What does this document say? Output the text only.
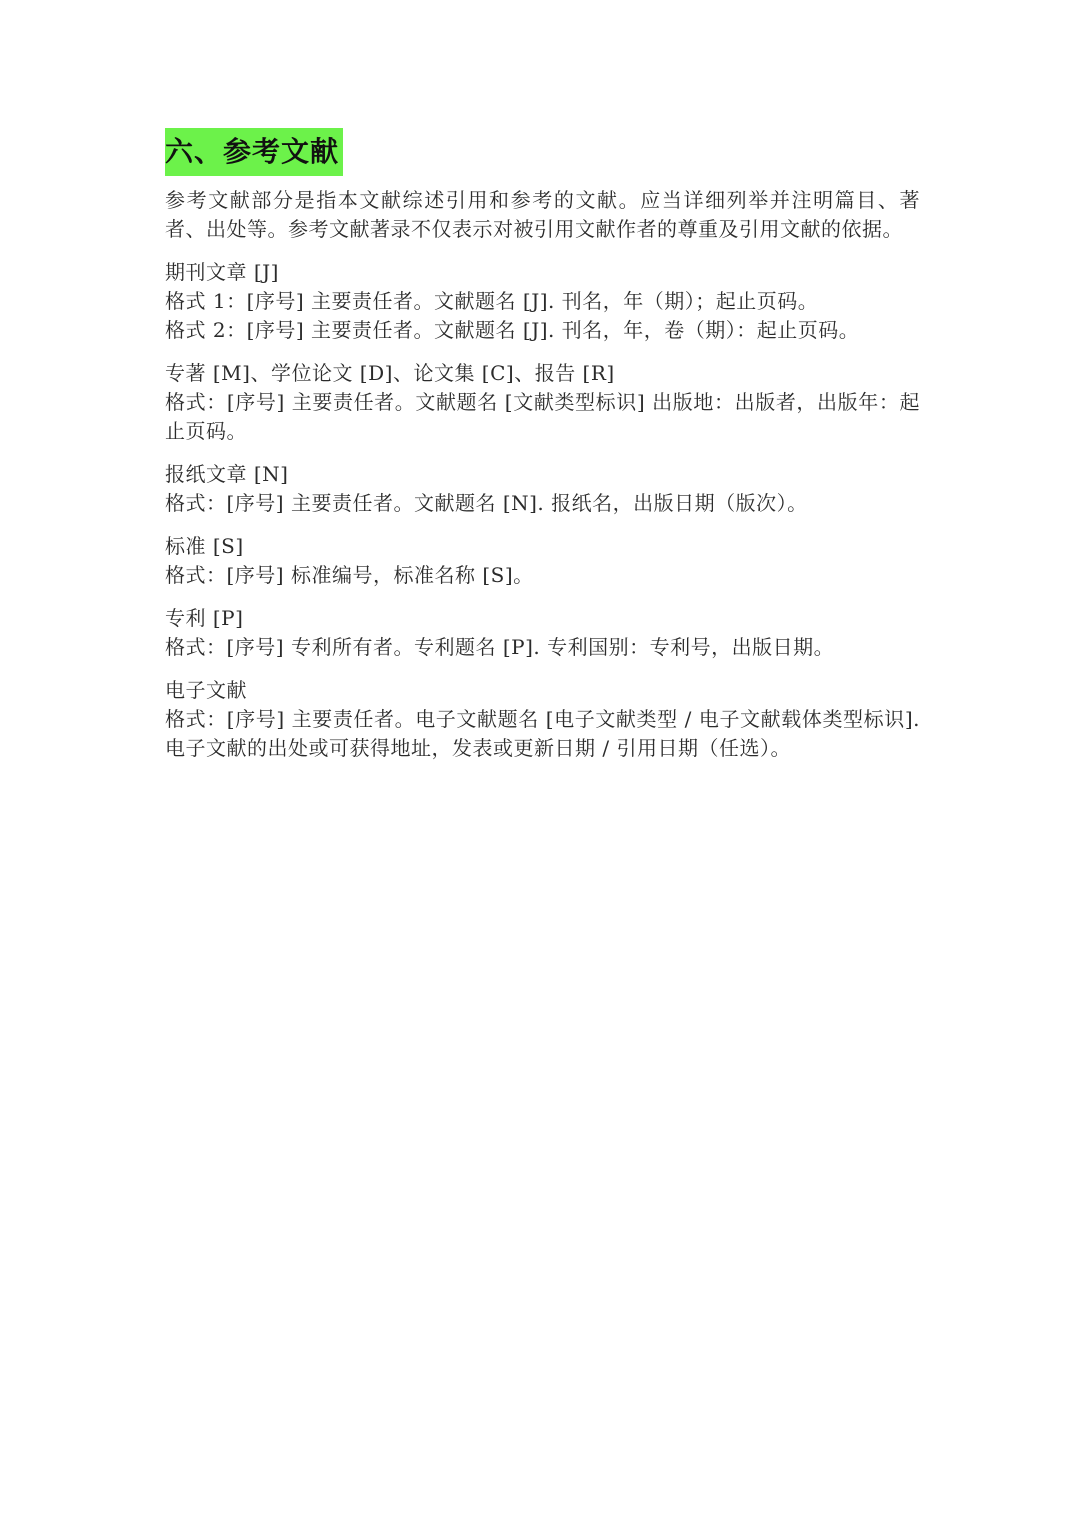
六、参考文献

参考文献部分是指本文献综述引用和参考的文献。应当详细列举并注明篇目、著者、出处等。参考文献著录不仅表示对被引用文献作者的尊重及引用文献的依据。

期刊文章 [J]

格式 1：[序号] 主要责任者。文献题名 [J]. 刊名，年（期）；起止页码。

格式 2：[序号] 主要责任者。文献题名 [J]. 刊名，年，卷（期）：起止页码。

专著 [M]、学位论文 [D]、论文集 [C]、报告 [R]

格式：[序号] 主要责任者。文献题名 [文献类型标识] 出版地：出版者，出版年：起止页码。

报纸文章 [N]

格式：[序号] 主要责任者。文献题名 [N]. 报纸名，出版日期（版次）。

标准 [S]

格式：[序号] 标准编号，标准名称 [S]。

专利 [P]

格式：[序号] 专利所有者。专利题名 [P]. 专利国别：专利号，出版日期。

电子文献

格式：[序号] 主要责任者。电子文献题名 [电子文献类型 / 电子文献载体类型标识]. 电子文献的出处或可获得地址，发表或更新日期 / 引用日期（任选）。
